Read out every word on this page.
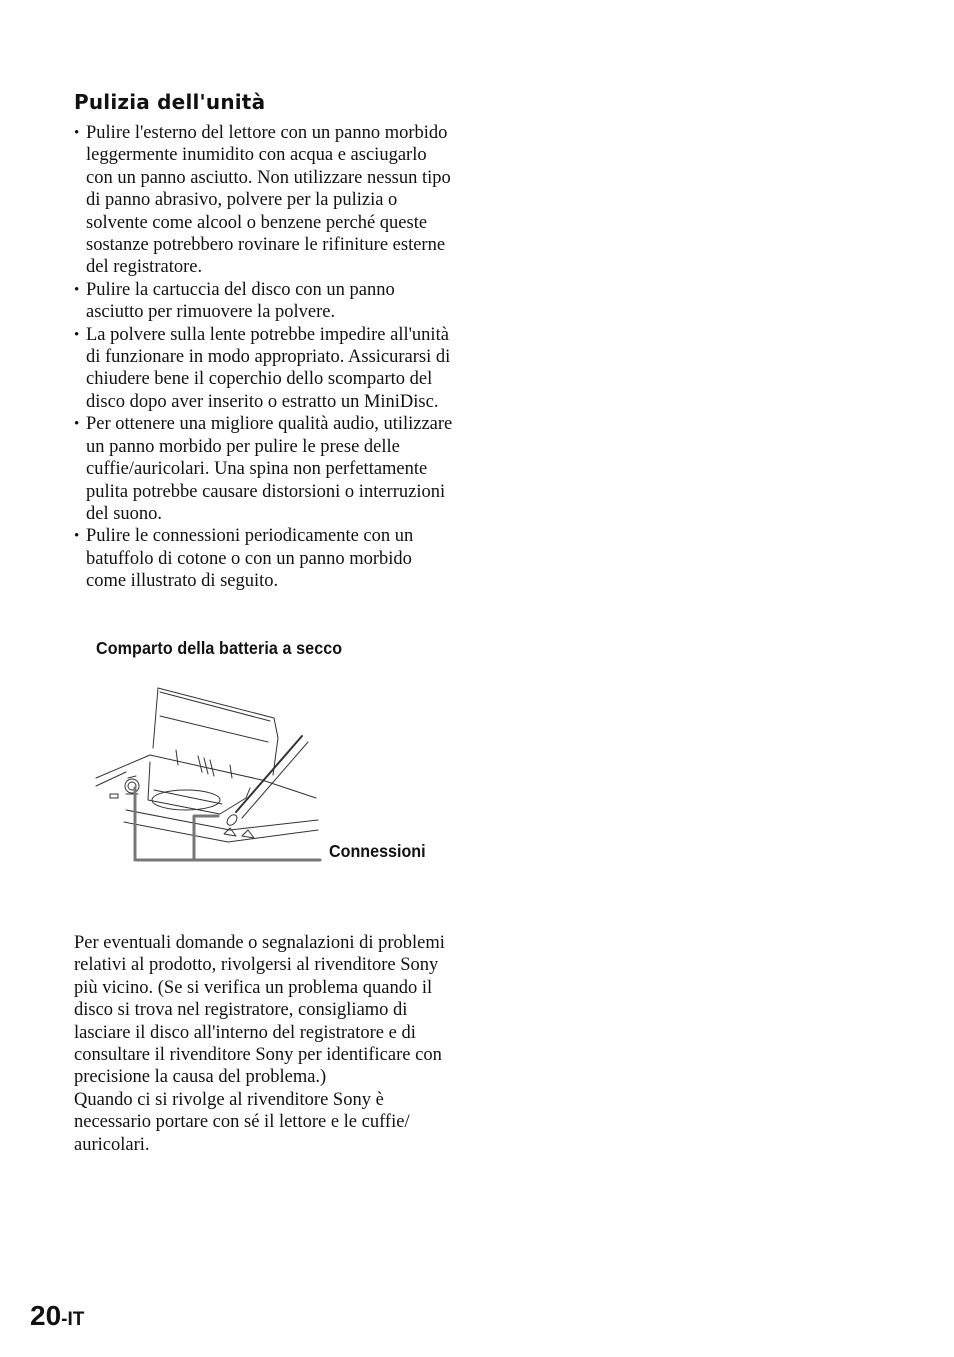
Pulizia dell'unità
• Pulire l'esterno del lettore con un panno morbido leggermente inumidito con acqua e asciugarlo con un panno asciutto. Non utilizzare nessun tipo di panno abrasivo, polvere per la pulizia o solvente come alcool o benzene perché queste sostanze potrebbero rovinare le rifiniture esterne del registratore.
• Pulire la cartuccia del disco con un panno asciutto per rimuovere la polvere.
• La polvere sulla lente potrebbe impedire all'unità di funzionare in modo appropriato. Assicurarsi di chiudere bene il coperchio dello scomparto del disco dopo aver inserito o estratto un MiniDisc.
• Per ottenere una migliore qualità audio, utilizzare un panno morbido per pulire le prese delle cuffie/auricolari. Una spina non perfettamente pulita potrebbe causare distorsioni o interruzioni del suono.
• Pulire le connessioni periodicamente con un batuffolo di cotone o con un panno morbido come illustrato di seguito.
Comparto della batteria a secco
Connessioni
Per eventuali domande o segnalazioni di problemi relativi al prodotto, rivolgersi al rivenditore Sony più vicino. (Se si verifica un problema quando il disco si trova nel registratore, consigliamo di lasciare il disco all'interno del registratore e di consultare il rivenditore Sony per identificare con precisione la causa del problema.)
Quando ci si rivolge al rivenditore Sony è necessario portare con sé il lettore e le cuffie/ auricolari.
20-IT
